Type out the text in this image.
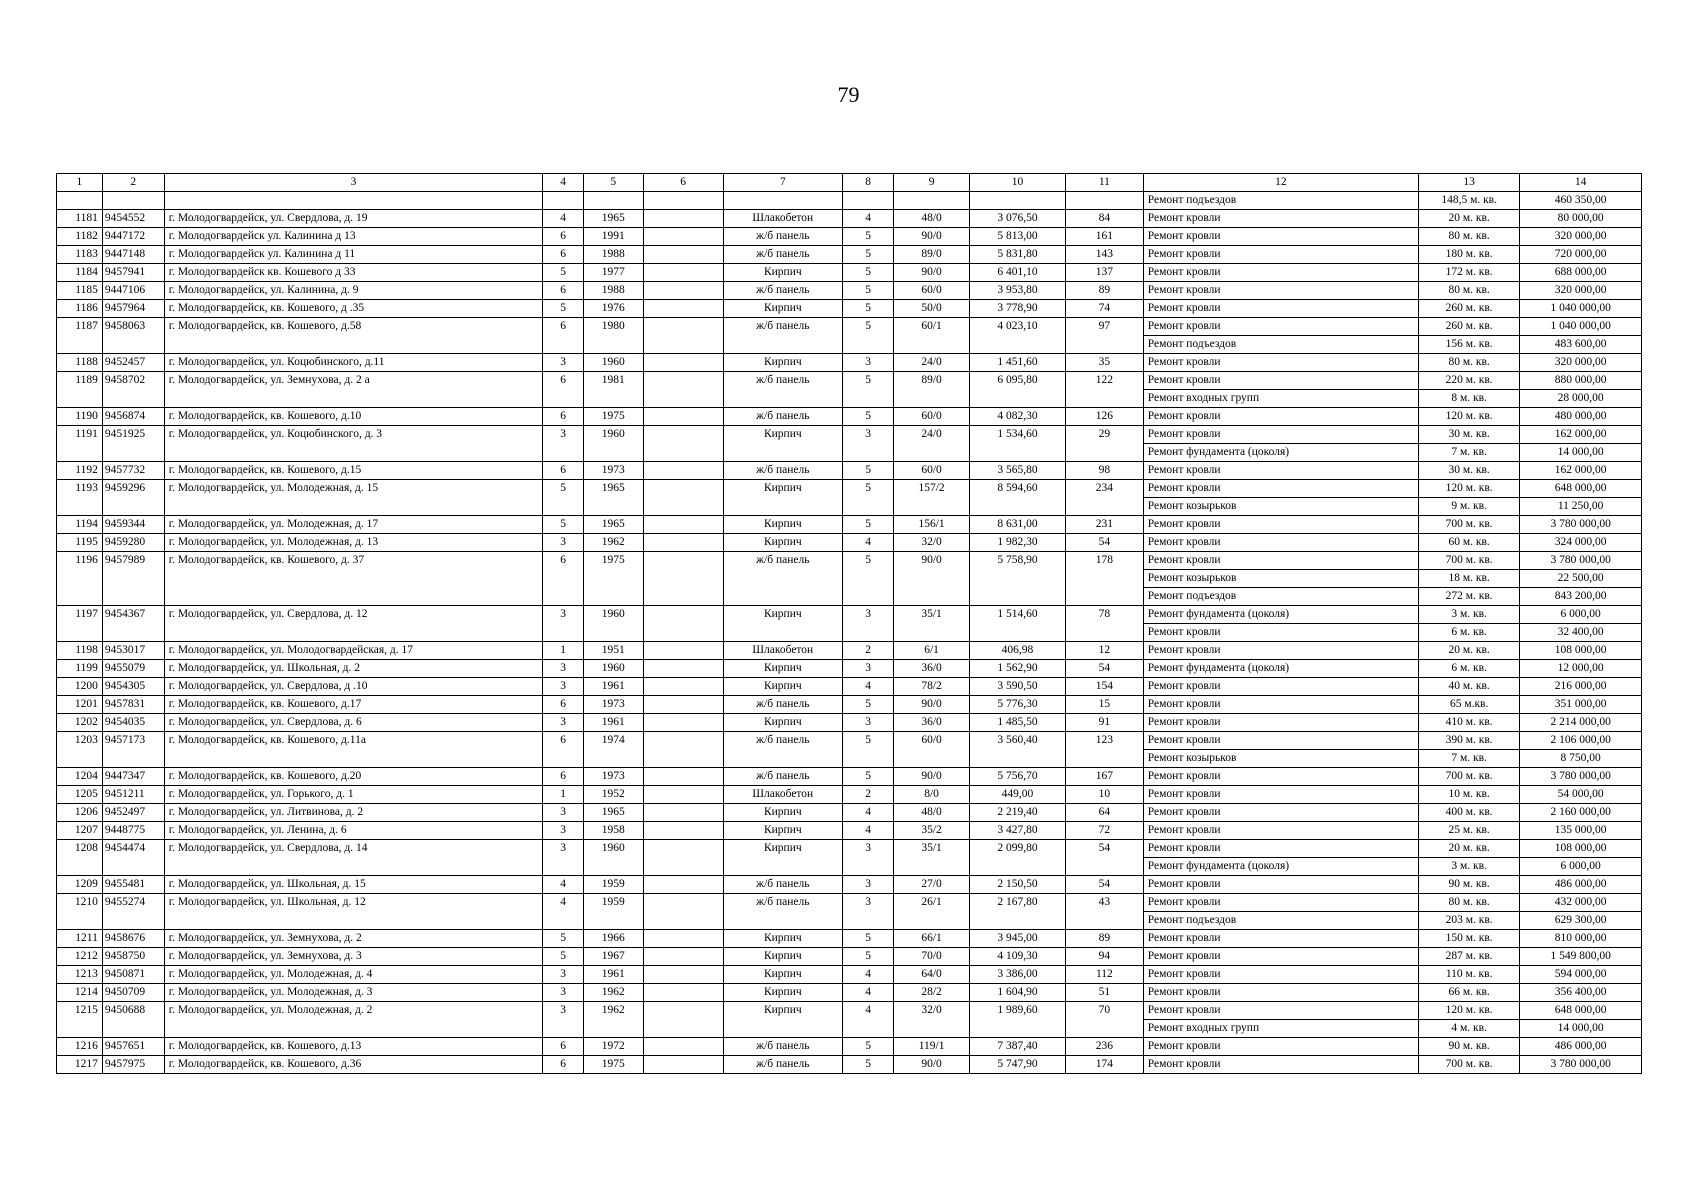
79
1	2	3	4	5	6	7	8	9	10	11	12	13	14
											Ремонт подъездов	148,5 м. кв.	460 350,00
1181	9454552	г. Молодогвардейск, ул. Свердлова, д. 19	4	1965		Шлакобетон	4	48/0	3 076,50	84	Ремонт кровли	20 м. кв.	80 000,00
1182	9447172	г. Молодогвардейск ул. Калинина д 13	6	1991		ж/б панель	5	90/0	5 813,00	161	Ремонт кровли	80 м. кв.	320 000,00
1183	9447148	г. Молодогвардейск ул. Калинина д 11	6	1988		ж/б панель	5	89/0	5 831,80	143	Ремонт кровли	180 м. кв.	720 000,00
1184	9457941	г. Молодогвардейск кв. Кошевого д 33	5	1977		Кирпич	5	90/0	6 401,10	137	Ремонт кровли	172 м. кв.	688 000,00
1185	9447106	г. Молодогвардейск, ул. Калинина, д. 9	6	1988		ж/б панель	5	60/0	3 953,80	89	Ремонт кровли	80 м. кв.	320 000,00
1186	9457964	г. Молодогвардейск, кв. Кошевого, д .35	5	1976		Кирпич	5	50/0	3 778,90	74	Ремонт кровли	260 м. кв.	1 040 000,00
1187	9458063	г. Молодогвардейск, кв. Кошевого, д.58	6	1980		ж/б панель	5	60/1	4 023,10	97	Ремонт кровли	260 м. кв.	1 040 000,00
											Ремонт подъездов	156 м. кв.	483 600,00
1188	9452457	г. Молодогвардейск, ул. Коцюбинского, д.11	3	1960		Кирпич	3	24/0	1 451,60	35	Ремонт кровли	80 м. кв.	320 000,00
1189	9458702	г. Молодогвардейск, ул. Земнухова, д. 2 а	6	1981		ж/б панель	5	89/0	6 095,80	122	Ремонт кровли	220 м. кв.	880 000,00
											Ремонт входных групп	8 м. кв.	28 000,00
1190	9456874	г. Молодогвардейск, кв. Кошевого, д.10	6	1975		ж/б панель	5	60/0	4 082,30	126	Ремонт кровли	120 м. кв.	480 000,00
1191	9451925	г. Молодогвардейск, ул. Коцюбинского, д. 3	3	1960		Кирпич	3	24/0	1 534,60	29	Ремонт кровли	30 м. кв.	162 000,00
											Ремонт фундамента (цоколя)	7 м. кв.	14 000,00
1192	9457732	г. Молодогвардейск, кв. Кошевого, д.15	6	1973		ж/б панель	5	60/0	3 565,80	98	Ремонт кровли	30 м. кв.	162 000,00
1193	9459296	г. Молодогвардейск, ул. Молодежная, д. 15	5	1965		Кирпич	5	157/2	8 594,60	234	Ремонт кровли	120 м. кв.	648 000,00
											Ремонт козырьков	9 м. кв.	11 250,00
1194	9459344	г. Молодогвардейск, ул. Молодежная, д. 17	5	1965		Кирпич	5	156/1	8 631,00	231	Ремонт кровли	700 м. кв.	3 780 000,00
1195	9459280	г. Молодогвардейск, ул. Молодежная, д. 13	3	1962		Кирпич	4	32/0	1 982,30	54	Ремонт кровли	60 м. кв.	324 000,00
1196	9457989	г. Молодогвардейск, кв. Кошевого, д. 37	6	1975		ж/б панель	5	90/0	5 758,90	178	Ремонт кровли	700 м. кв.	3 780 000,00
											Ремонт козырьков	18 м. кв.	22 500,00
											Ремонт подъездов	272 м. кв.	843 200,00
1197	9454367	г. Молодогвардейск, ул. Свердлова, д. 12	3	1960		Кирпич	3	35/1	1 514,60	78	Ремонт фундамента (цоколя)	3 м. кв.	6 000,00
											Ремонт кровли	6 м. кв.	32 400,00
1198	9453017	г. Молодогвардейск, ул. Молодогвардейская, д. 17	1	1951		Шлакобетон	2	6/1	406,98	12	Ремонт кровли	20 м. кв.	108 000,00
1199	9455079	г. Молодогвардейск, ул. Школьная, д. 2	3	1960		Кирпич	3	36/0	1 562,90	54	Ремонт фундамента (цоколя)	6 м. кв.	12 000,00
1200	9454305	г. Молодогвардейск, ул. Свердлова, д .10	3	1961		Кирпич	4	78/2	3 590,50	154	Ремонт кровли	40 м. кв.	216 000,00
1201	9457831	г. Молодогвардейск, кв. Кошевого, д.17	6	1973		ж/б панель	5	90/0	5 776,30	15	Ремонт кровли	65 м.кв.	351 000,00
1202	9454035	г. Молодогвардейск, ул. Свердлова, д. 6	3	1961		Кирпич	3	36/0	1 485,50	91	Ремонт кровли	410 м. кв.	2 214 000,00
1203	9457173	г. Молодогвардейск, кв. Кошевого, д.11а	6	1974		ж/б панель	5	60/0	3 560,40	123	Ремонт кровли	390 м. кв.	2 106 000,00
											Ремонт козырьков	7 м. кв.	8 750,00
1204	9447347	г. Молодогвардейск, кв. Кошевого, д.20	6	1973		ж/б панель	5	90/0	5 756,70	167	Ремонт кровли	700 м. кв.	3 780 000,00
1205	9451211	г. Молодогвардейск, ул. Горького, д. 1	1	1952		Шлакобетон	2	8/0	449,00	10	Ремонт кровли	10 м. кв.	54 000,00
1206	9452497	г. Молодогвардейск, ул. Литвинова, д. 2	3	1965		Кирпич	4	48/0	2 219,40	64	Ремонт кровли	400 м. кв.	2 160 000,00
1207	9448775	г. Молодогвардейск, ул. Ленина, д. 6	3	1958		Кирпич	4	35/2	3 427,80	72	Ремонт кровли	25 м. кв.	135 000,00
1208	9454474	г. Молодогвардейск, ул. Свердлова, д. 14	3	1960		Кирпич	3	35/1	2 099,80	54	Ремонт кровли	20 м. кв.	108 000,00
											Ремонт фундамента (цоколя)	3 м. кв.	6 000,00
1209	9455481	г. Молодогвардейск, ул. Школьная, д. 15	4	1959		ж/б панель	3	27/0	2 150,50	54	Ремонт кровли	90 м. кв.	486 000,00
1210	9455274	г. Молодогвардейск, ул. Школьная, д. 12	4	1959		ж/б панель	3	26/1	2 167,80	43	Ремонт кровли	80 м. кв.	432 000,00
											Ремонт подъездов	203 м. кв.	629 300,00
1211	9458676	г. Молодогвардейск, ул. Земнухова, д. 2	5	1966		Кирпич	5	66/1	3 945,00	89	Ремонт кровли	150 м. кв.	810 000,00
1212	9458750	г. Молодогвардейск, ул. Земнухова, д. 3	5	1967		Кирпич	5	70/0	4 109,30	94	Ремонт кровли	287 м. кв.	1 549 800,00
1213	9450871	г. Молодогвардейск, ул. Молодежная, д. 4	3	1961		Кирпич	4	64/0	3 386,00	112	Ремонт кровли	110 м. кв.	594 000,00
1214	9450709	г. Молодогвардейск, ул. Молодежная, д. 3	3	1962		Кирпич	4	28/2	1 604,90	51	Ремонт кровли	66 м. кв.	356 400,00
1215	9450688	г. Молодогвардейск, ул. Молодежная, д. 2	3	1962		Кирпич	4	32/0	1 989,60	70	Ремонт кровли	120 м. кв.	648 000,00
											Ремонт входных групп	4 м. кв.	14 000,00
1216	9457651	г. Молодогвардейск, кв. Кошевого, д.13	6	1972		ж/б панель	5	119/1	7 387,40	236	Ремонт кровли	90 м. кв.	486 000,00
1217	9457975	г. Молодогвардейск, кв. Кошевого, д.36	6	1975		ж/б панель	5	90/0	5 747,90	174	Ремонт кровли	700 м. кв.	3 780 000,00
